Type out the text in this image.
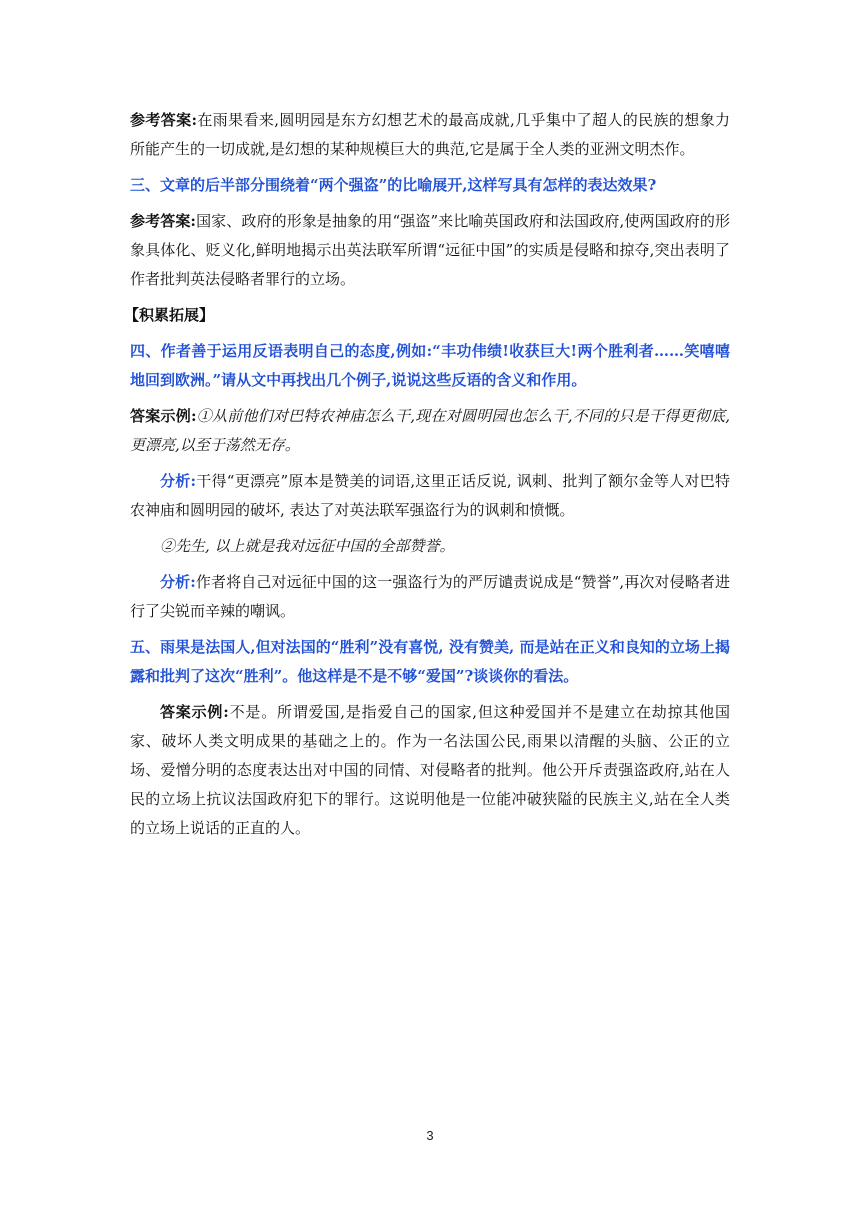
参考答案:在雨果看来,圆明园是东方幻想艺术的最高成就,几乎集中了超人的民族的想象力所能产生的一切成就,是幻想的某种规模巨大的典范,它是属于全人类的亚洲文明杰作。

三、文章的后半部分围绕着“两个强盗”的比喻展开,这样写具有怎样的表达效果?

参考答案:国家、政府的形象是抽象的用“强盗”来比喻英国政府和法国政府,使两国政府的形象具体化、贬义化,鲜明地揭示出英法联军所谓“远征中国”的实质是侵略和掠夺,突出表明了作者批判英法侵略者罪行的立场。

【积累拓展】

四、作者善于运用反语表明自己的态度,例如:“丰功伟绩!收获巨大!两个胜利者……笑嘻嘻地回到欧洲。”请从文中再找出几个例子,说说这些反语的含义和作用。

答案示例:①从前他们对巴特农神庙怎么干,现在对圆明园也怎么干,不同的只是干得更彻底,更漂亮,以至于荡然无存。

分析:干得“更漂亮”原本是赞美的词语,这里正话反说, 讽刺、批判了额尔金等人对巴特农神庙和圆明园的破坏, 表达了对英法联军强盗行为的讽刺和愤慨。

②先生, 以上就是我对远征中国的全部赞誉。

分析:作者将自己对远征中国的这一强盗行为的严厉谴责说成是“赞誉”,再次对侵略者进行了尖锐而辛辣的嘲讽。

五、雨果是法国人,但对法国的“胜利”没有喜悦, 没有赞美, 而是站在正义和良知的立场上揭露和批判了这次“胜利”。他这样是不是不够“爱国”?谈谈你的看法。

答案示例:不是。所谓爱国,是指爱自己的国家,但这种爱国并不是建立在劫掠其他国家、破坏人类文明成果的基础之上的。作为一名法国公民,雨果以清醒的头脑、公正的立场、爱憎分明的态度表达出对中国的同情、对侵略者的批判。他公开斥责强盗政府,站在人民的立场上抗议法国政府犯下的罪行。这说明他是一位能冲破狭隘的民族主义,站在全人类的立场上说话的正直的人。

3
